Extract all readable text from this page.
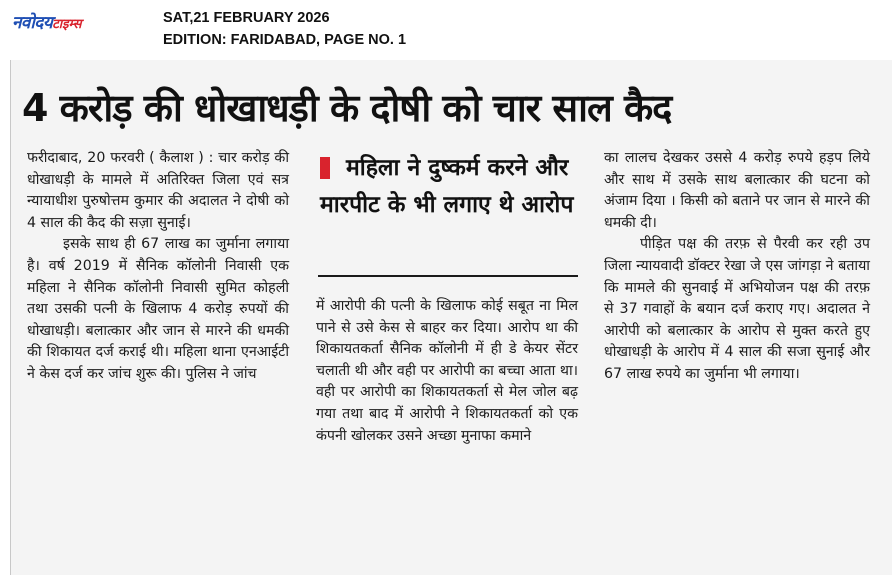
नवोदयटाइम्स	SAT,21 FEBRUARY 2026
EDITION: FARIDABAD, PAGE NO. 1
4 करोड़ की धोखाधड़ी के दोषी को चार साल कैद

फरीदाबाद, 20 फरवरी ( कैलाश ) : चार करोड़ की धोखाधड़ी के मामले में अतिरिक्त जिला एवं सत्र न्यायाधीश पुरुषोत्तम कुमार की अदालत ने दोषी को 4 साल की कैद की सज़ा सुनाई।

इसके साथ ही 67 लाख का जुर्माना लगाया है। वर्ष 2019 में सैनिक कॉलोनी निवासी एक महिला ने सैनिक कॉलोनी निवासी सुमित कोहली तथा उसकी पत्नी के खिलाफ 4 करोड़ रुपयों की धोखाधड़ी। बलात्कार और जान से मारने की धमकी की शिकायत दर्ज कराई थी। महिला थाना एनआईटी ने केस दर्ज कर जांच शुरू की। पुलिस ने जांच

महिला ने दुष्कर्म करने और मारपीट के भी लगाए थे आरोप

में आरोपी की पत्नी के खिलाफ कोई सबूत ना मिल पाने से उसे केस से बाहर कर दिया। आरोप था की शिकायतकर्ता सैनिक कॉलोनी में ही डे केयर सेंटर चलाती थी और वही पर आरोपी का बच्चा आता था। वही पर आरोपी का शिकायतकर्ता से मेल जोल बढ़ गया तथा बाद में आरोपी ने शिकायतकर्ता को एक कंपनी खोलकर उसने अच्छा मुनाफा कमाने

का लालच देखकर उससे 4 करोड़ रुपये हड़प लिये और साथ में उसके साथ बलात्कार की घटना को अंजाम दिया । किसी को बताने पर जान से मारने की धमकी दी।

पीड़ित पक्ष की तरफ़ से पैरवी कर रही उप जिला न्यायवादी डॉक्टर रेखा जे एस जांगड़ा ने बताया कि मामले की सुनवाई में अभियोजन पक्ष की तरफ़ से 37 गवाहों के बयान दर्ज कराए गए। अदालत ने आरोपी को बलात्कार के आरोप से मुक्त करते हुए धोखाधड़ी के आरोप में 4 साल की सजा सुनाई और 67 लाख रुपये का जुर्माना भी लगाया।
